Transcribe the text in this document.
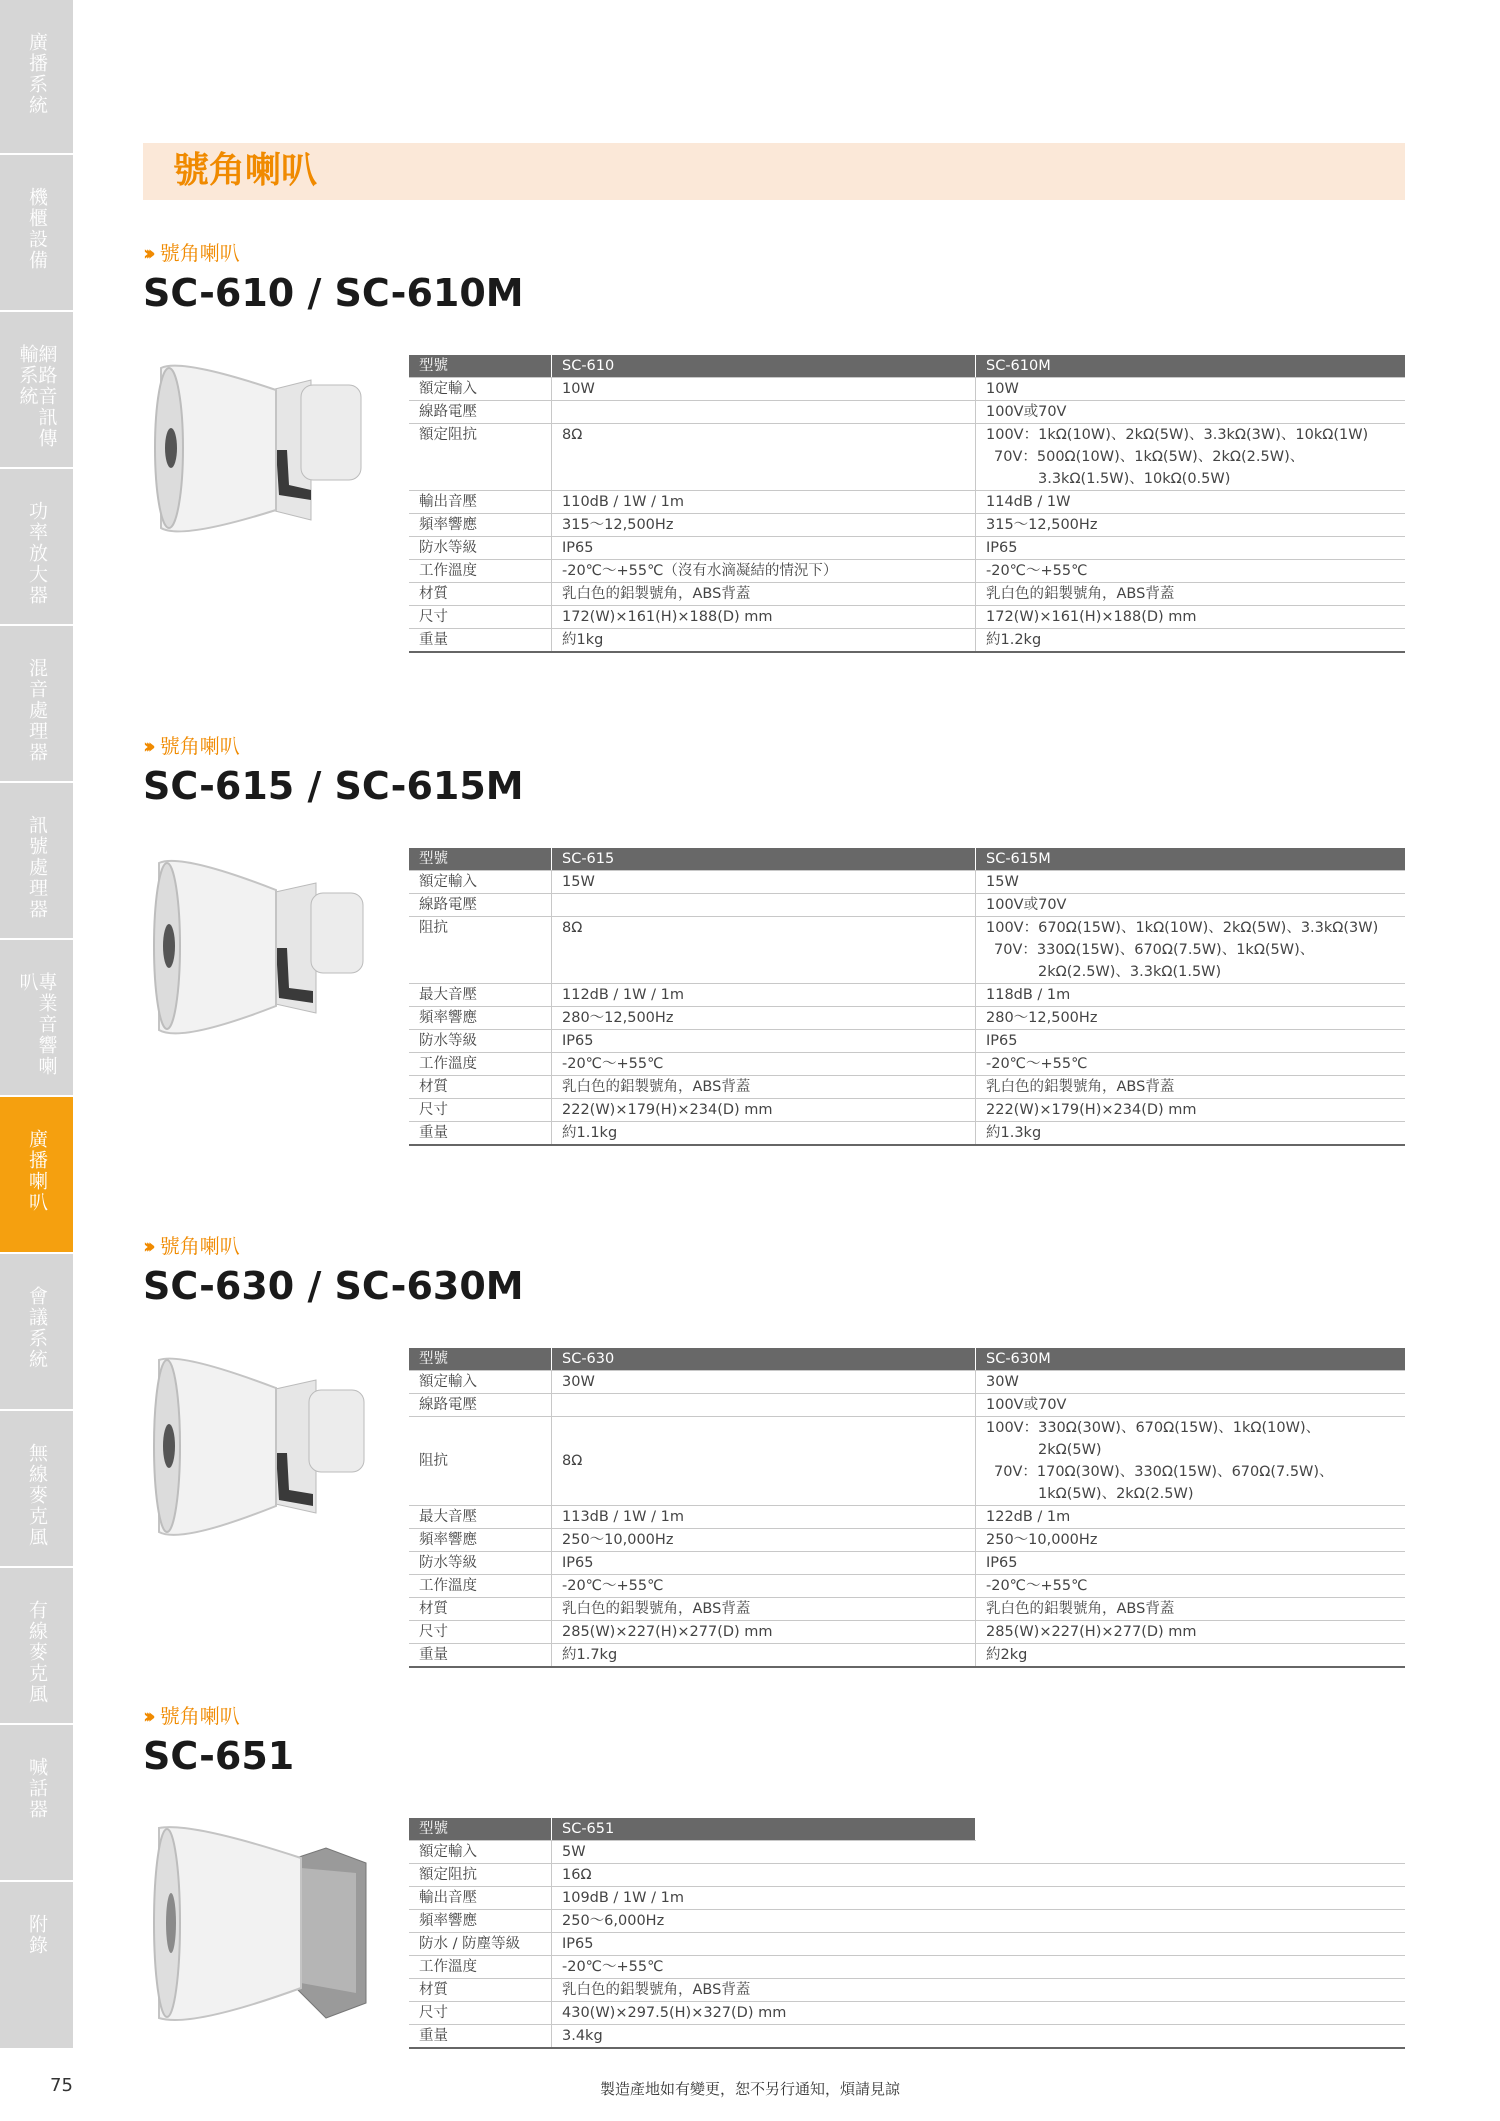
廣播系統
機櫃設備
網路音訊傳輸系統
功率放大器
混音處理器
訊號處理器
專業音響喇叭
廣播喇叭
會議系統
無線麥克風
有線麥克風
喊話器
附錄
號角喇叭
››› 號角喇叭
SC-610 / SC-610M
型號	SC-610	SC-610M
額定輸入	10W	10W
線路電壓		100V或70V
額定阻抗	8Ω	100V：1kΩ(10W)、2kΩ(5W)、3.3kΩ(3W)、10kΩ(1W)
70V：500Ω(10W)、1kΩ(5W)、2kΩ(2.5W)、
3.3kΩ(1.5W)、10kΩ(0.5W)

輸出音壓	110dB / 1W / 1m	114dB / 1W
頻率響應	315〜12,500Hz	315〜12,500Hz
防水等級	IP65	IP65
工作溫度	-20℃〜+55℃（沒有水滴凝結的情況下）	-20℃〜+55℃
材質	乳白色的鋁製號角，ABS背蓋	乳白色的鋁製號角，ABS背蓋
尺寸	172(W)×161(H)×188(D) mm	172(W)×161(H)×188(D) mm
重量	約1kg	約1.2kg
››› 號角喇叭
SC-615 / SC-615M
型號	SC-615	SC-615M
額定輸入	15W	15W
線路電壓		100V或70V
阻抗	8Ω	100V：670Ω(15W)、1kΩ(10W)、2kΩ(5W)、3.3kΩ(3W)
70V：330Ω(15W)、670Ω(7.5W)、1kΩ(5W)、
2kΩ(2.5W)、3.3kΩ(1.5W)

最大音壓	112dB / 1W / 1m	118dB / 1m
頻率響應	280〜12,500Hz	280〜12,500Hz
防水等級	IP65	IP65
工作溫度	-20℃〜+55℃	-20℃〜+55℃
材質	乳白色的鋁製號角，ABS背蓋	乳白色的鋁製號角，ABS背蓋
尺寸	222(W)×179(H)×234(D) mm	222(W)×179(H)×234(D) mm
重量	約1.1kg	約1.3kg
››› 號角喇叭
SC-630 / SC-630M
型號	SC-630	SC-630M
額定輸入	30W	30W
線路電壓		100V或70V
阻抗	8Ω	100V：330Ω(30W)、670Ω(15W)、1kΩ(10W)、
2kΩ(5W)
70V：170Ω(30W)、330Ω(15W)、670Ω(7.5W)、
1kΩ(5W)、2kΩ(2.5W)

最大音壓	113dB / 1W / 1m	122dB / 1m
頻率響應	250〜10,000Hz	250〜10,000Hz
防水等級	IP65	IP65
工作溫度	-20℃〜+55℃	-20℃〜+55℃
材質	乳白色的鋁製號角，ABS背蓋	乳白色的鋁製號角，ABS背蓋
尺寸	285(W)×227(H)×277(D) mm	285(W)×227(H)×277(D) mm
重量	約1.7kg	約2kg
››› 號角喇叭
SC-651
型號	SC-651	
額定輸入	5W	
額定阻抗	16Ω	
輸出音壓	109dB / 1W / 1m	
頻率響應	250〜6,000Hz	
防水 / 防塵等級	IP65	
工作溫度	-20℃〜+55℃	
材質	乳白色的鋁製號角，ABS背蓋	
尺寸	430(W)×297.5(H)×327(D) mm	
重量	3.4kg	
75	製造產地如有變更，恕不另行通知，煩請見諒
